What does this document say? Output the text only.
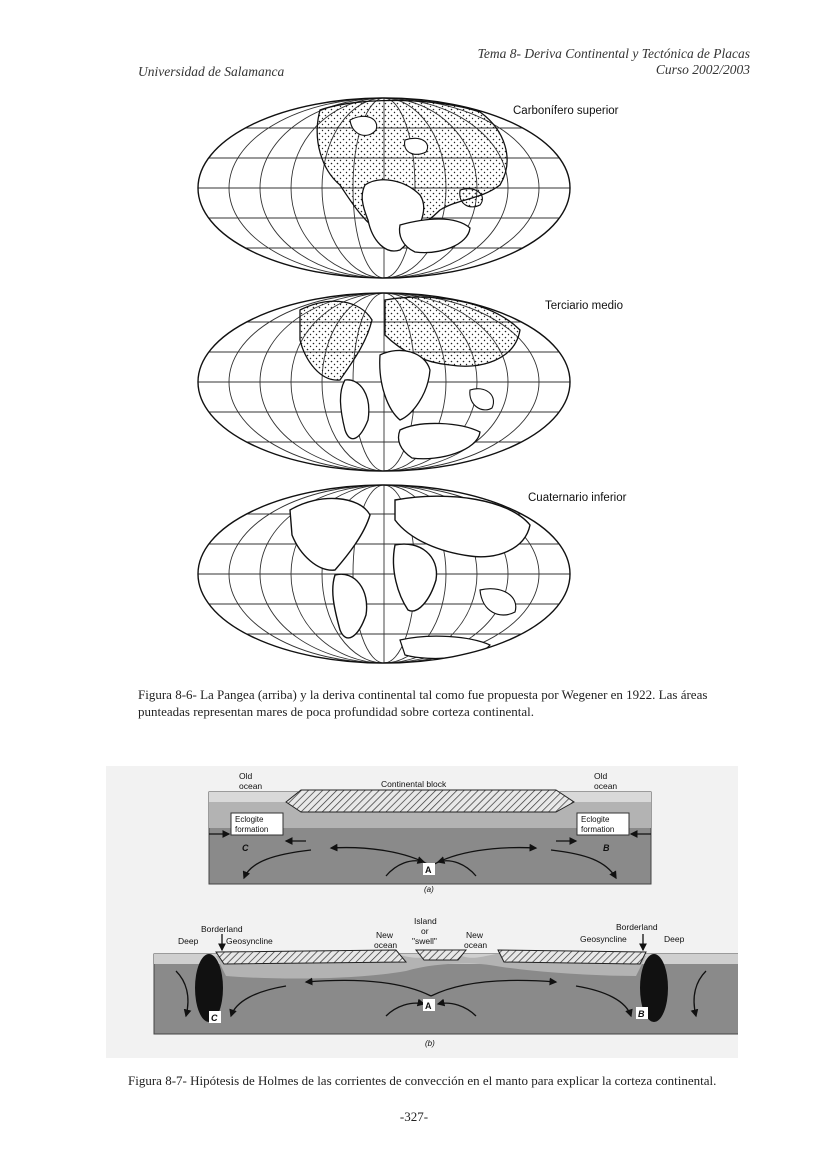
Tema 8- Deriva Continental y Tectónica de Placas
Curso 2002/2003
Universidad de Salamanca
Carbonífero superior
Terciario medio
Cuaternario inferior
Figura 8-6- La Pangea (arriba) y la deriva continental tal como fue propuesta por Wegener en 1922. Las áreas punteadas representan mares de poca profundidad sobre corteza continental.
Old
ocean
Old
ocean
Continental block
Eclogite
formation
Eclogite
formation
A
B
C
(a)
Deep
Borderland
Geosyncline
New
ocean
Island
or
"swell"
New
ocean
Borderland
Geosyncline	Deep
A
B
C
(b)
Figura 8-7- Hipótesis de Holmes de las corrientes de convección en el manto para explicar la corteza continental.
-327-
